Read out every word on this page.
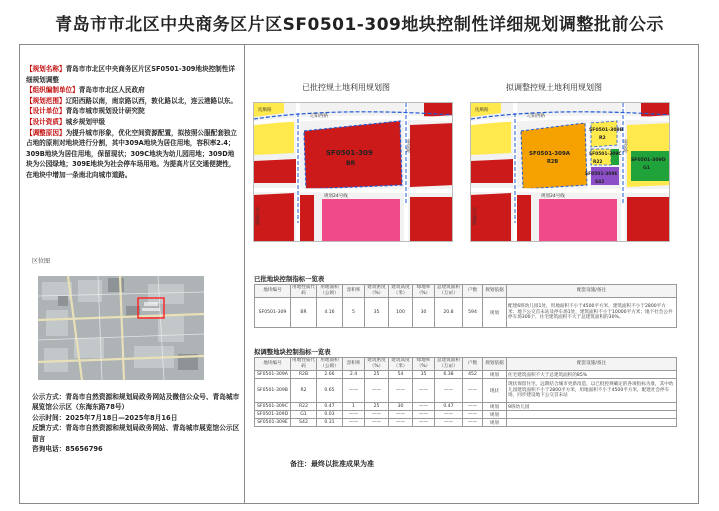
青岛市市北区中央商务区片区SF0501-309地块控制性详细规划调整批前公示
【规划名称】青岛市市北区中央商务区片区SF0501-309地块控制性详细规划调整
【组织编制单位】青岛市市北区人民政府
【规划范围】辽阳西路以南，南京路以西，敦化路以北，连云港路以东。
【设计单位】青岛市城市规划设计研究院
【设计资质】城乡规划甲级
【调整原因】为提升城市形象，优化空间资源配置，拟按照公服配套独立占地的原则对地块进行分割，其中309A地块为居住用地，容积率2.4；309B地块为居住用地，保留现状；309C地块为幼儿园用地；309D地块为公园绿地；309E地块为社会停车场用地。为提高片区交通便捷性，在地块中增加一条南北向城市道路。
区位图
公示方式：青岛市自然资源和规划局政务网站及微信公众号、青岛城市展览馆公示区（东海东路78号）
公示时间：2025年7月18日—2025年8月16日
反馈方式：青岛市自然资源和规划局政务网站、青岛城市展览馆公示区留言
咨询电话：85656796
已批控规土地利用规划图	拟调整控规土地利用规划图
SF0501-309
BR
辽阳西路
抚顺路
规划24号线
连云港路
南京路
SF0501-309A
R2B
SF0501-309B
R2
SF0501-309C
R22	SF0501-309D
G1
SF0501-309E
S42
辽阳西路
抚顺路
规划24号线
连云港路
南京路
已批地块控制指标一览表
地块编号	用地性质代码	用地面积（公顷）	容积率	建筑密度（%）	建筑高度（米）	绿地率（%）	总建筑面积（万㎡）	户数	规划依据	配套设施/备注
SF0501-309	BR	4.16	5	35	100	30	20.8	594	规划	配建6班幼儿园1处，用地面积不小于4500平方米，建筑面积不小于2800平方米；地下公交首末站及停车场1处，建筑面积不小于10000平方米；地下社会公共停车场300个，住宅建筑面积不大于总建筑面积的30%。
拟调整地块控制指标一览表
地块编号	用地性质代码	用地面积（公顷）	容积率	建筑密度（%）	建筑高度（米）	绿地率（%）	总建筑面积（万㎡）	户数	规划依据	配套设施/备注
SF0501-309A	R2B	2.66	2.4	25	54	35	6.38	452	规划	住宅建筑面积不大于总建筑面积的85%
SF0501-309B	R2	0.65	——	——	——	——	——	——	现状	现状保留住宅。远期结合城市更新改造，以已批控规确定的各项指标为准，其中幼儿园建筑面积不小于2800平方米，用地面积不小于4500平方米，配建社会停车场，同步建设地下公交首末站
SF0501-309C	R22	0.47	1	25	30	——	0.47	——	规划	9班幼儿园
SF0501-309D	G1	0.03	——	——	——	——	——	——	规划	
SF0501-309E	S42	0.31	——	——	——	——	——	——	规划	
备注：最终以批准成果为准
